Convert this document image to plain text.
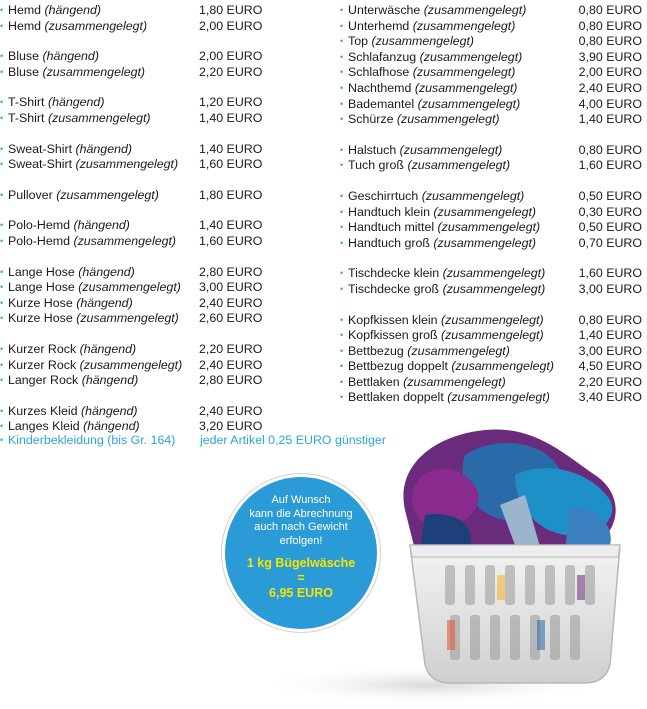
• Hemd (hängend)	1,80 EURO
• Hemd (zusammengelegt)	2,00 EURO
• Bluse (hängend)	2,00 EURO
• Bluse (zusammengelegt)	2,20 EURO
• T-Shirt (hängend)	1,20 EURO
• T-Shirt (zusammengelegt)	1,40 EURO
• Sweat-Shirt (hängend)	1,40 EURO
• Sweat-Shirt (zusammengelegt) 1,60 EURO
• Pullover (zusammengelegt)	1,80 EURO
• Polo-Hemd (hängend)	1,40 EURO
• Polo-Hemd (zusammengelegt) 1,60 EURO
• Lange Hose (hängend)	2,80 EURO
• Lange Hose (zusammengelegt) 3,00 EURO
• Kurze Hose (hängend)	2,40 EURO
• Kurze Hose (zusammengelegt) 2,60 EURO
• Kurzer Rock (hängend)	2,20 EURO
• Kurzer Rock (zusammengelegt) 2,40 EURO
• Langer Rock (hängend)	2,80 EURO
• Kurzes Kleid (hängend)	2,40 EURO
• Langes Kleid (hängend)	3,20 EURO
• Unterwäsche (zusammengelegt)	0,80 EURO
• Unterhemd (zusammengelegt)	0,80 EURO
• Top (zusammengelegt)	0,80 EURO
• Schlafanzug (zusammengelegt)	3,90 EURO
• Schlafhose (zusammengelegt)	2,00 EURO
• Nachthemd (zusammengelegt)	2,40 EURO
• Bademantel (zusammengelegt)	4,00 EURO
• Schürze (zusammengelegt)	1,40 EURO
• Halstuch (zusammengelegt)	0,80 EURO
• Tuch groß (zusammengelegt)	1,60 EURO
• Geschirrtuch (zusammengelegt)	0,50 EURO
• Handtuch klein (zusammengelegt)	0,30 EURO
• Handtuch mittel (zusammengelegt)	0,50 EURO
• Handtuch groß (zusammengelegt)	0,70 EURO
• Tischdecke klein (zusammengelegt)	1,60 EURO
• Tischdecke groß (zusammengelegt)	3,00 EURO
• Kopfkissen klein (zusammengelegt)	0,80 EURO
• Kopfkissen groß (zusammengelegt)	1,40 EURO
• Bettbezug (zusammengelegt)	3,00 EURO
• Bettbezug doppelt (zusammengelegt) 4,50 EURO
• Bettlaken (zusammengelegt)	2,20 EURO
• Bettlaken doppelt (zusammengelegt) 3,40 EURO
• Kinderbekleidung (bis Gr. 164) jeder Artikel 0,25 EURO günstiger
Auf Wunsch
kann die Abrechnung
auch nach Gewicht
erfolgen!
1 kg Bügelwäsche
=
6,95 EURO
